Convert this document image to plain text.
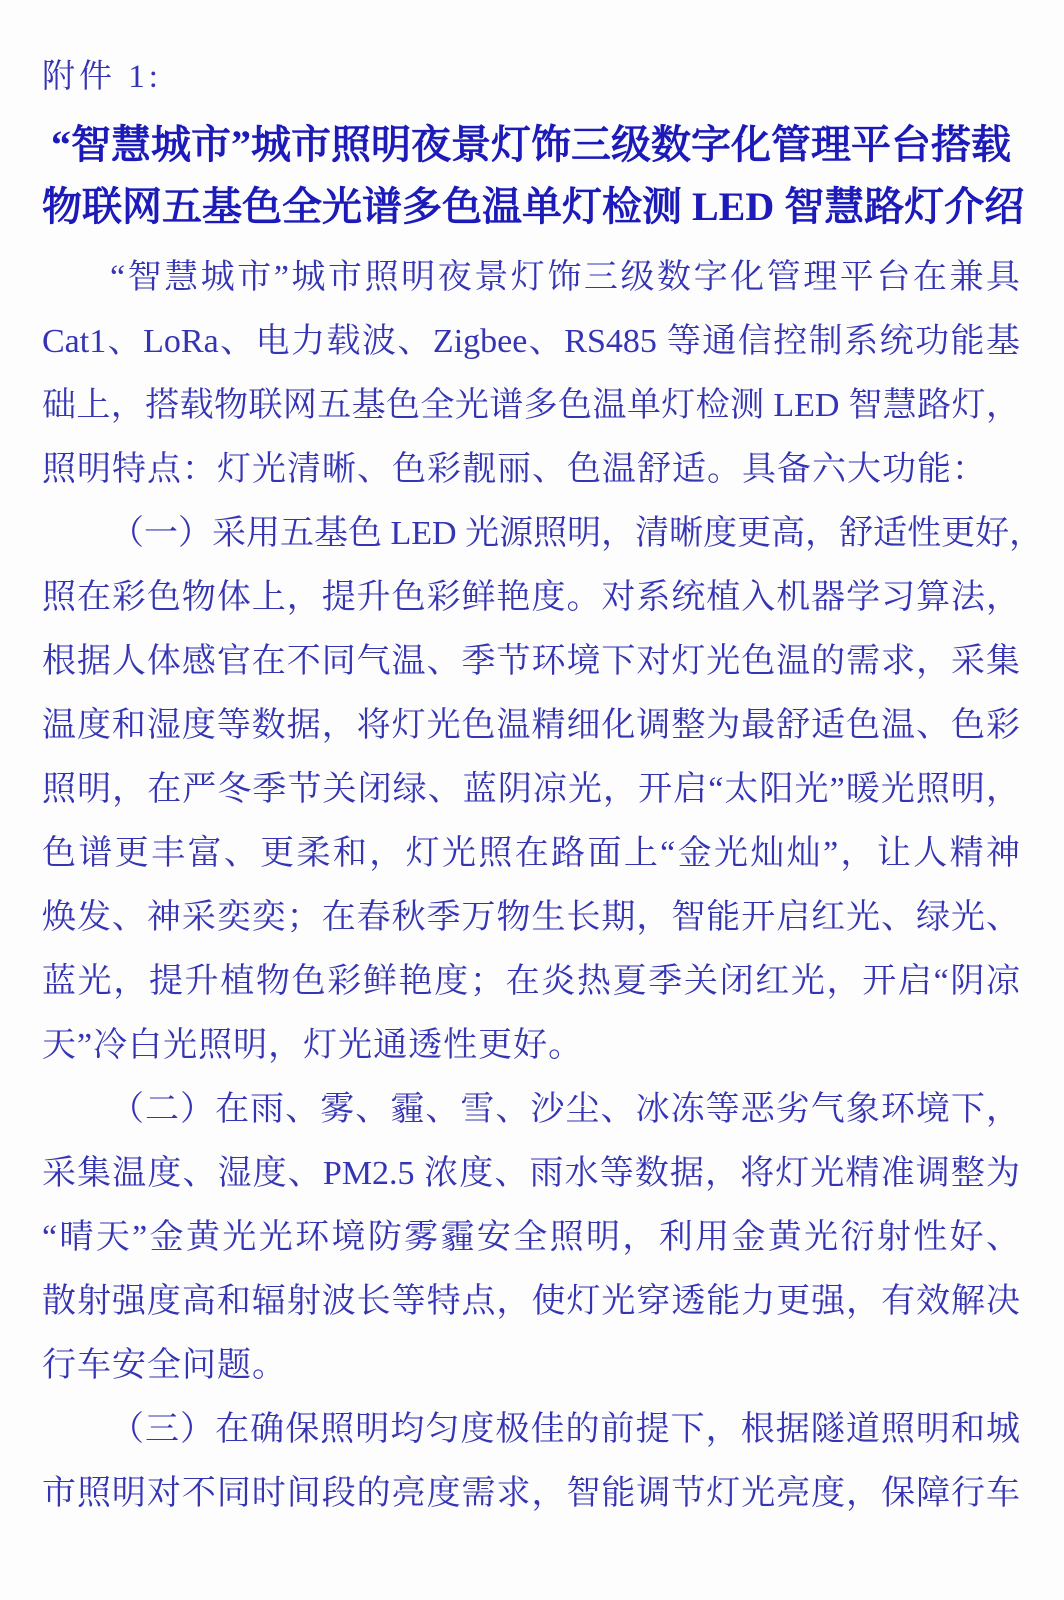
附件 1:
“智慧城市”城市照明夜景灯饰三级数字化管理平台搭载
物联网五基色全光谱多色温单灯检测 LED 智慧路灯介绍
“智慧城市”城市照明夜景灯饰三级数字化管理平台在兼具
Cat1、LoRa、电力载波、Zigbee、RS485 等通信控制系统功能基
础上，搭载物联网五基色全光谱多色温单灯检测 LED 智慧路灯，
照明特点：灯光清晰、色彩靓丽、色温舒适。具备六大功能：
（一）采用五基色 LED 光源照明，清晰度更高，舒适性更好，
照在彩色物体上，提升色彩鲜艳度。对系统植入机器学习算法，
根据人体感官在不同气温、季节环境下对灯光色温的需求，采集
温度和湿度等数据，将灯光色温精细化调整为最舒适色温、色彩
照明，在严冬季节关闭绿、蓝阴凉光，开启“太阳光”暖光照明，
色谱更丰富、更柔和，灯光照在路面上“金光灿灿”，让人精神
焕发、神采奕奕；在春秋季万物生长期，智能开启红光、绿光、
蓝光，提升植物色彩鲜艳度；在炎热夏季关闭红光，开启“阴凉
天”冷白光照明，灯光通透性更好。
（二）在雨、雾、霾、雪、沙尘、冰冻等恶劣气象环境下，
采集温度、湿度、PM2.5 浓度、雨水等数据，将灯光精准调整为
“晴天”金黄光光环境防雾霾安全照明，利用金黄光衍射性好、
散射强度高和辐射波长等特点，使灯光穿透能力更强，有效解决
行车安全问题。
（三）在确保照明均匀度极佳的前提下，根据隧道照明和城
市照明对不同时间段的亮度需求，智能调节灯光亮度，保障行车
